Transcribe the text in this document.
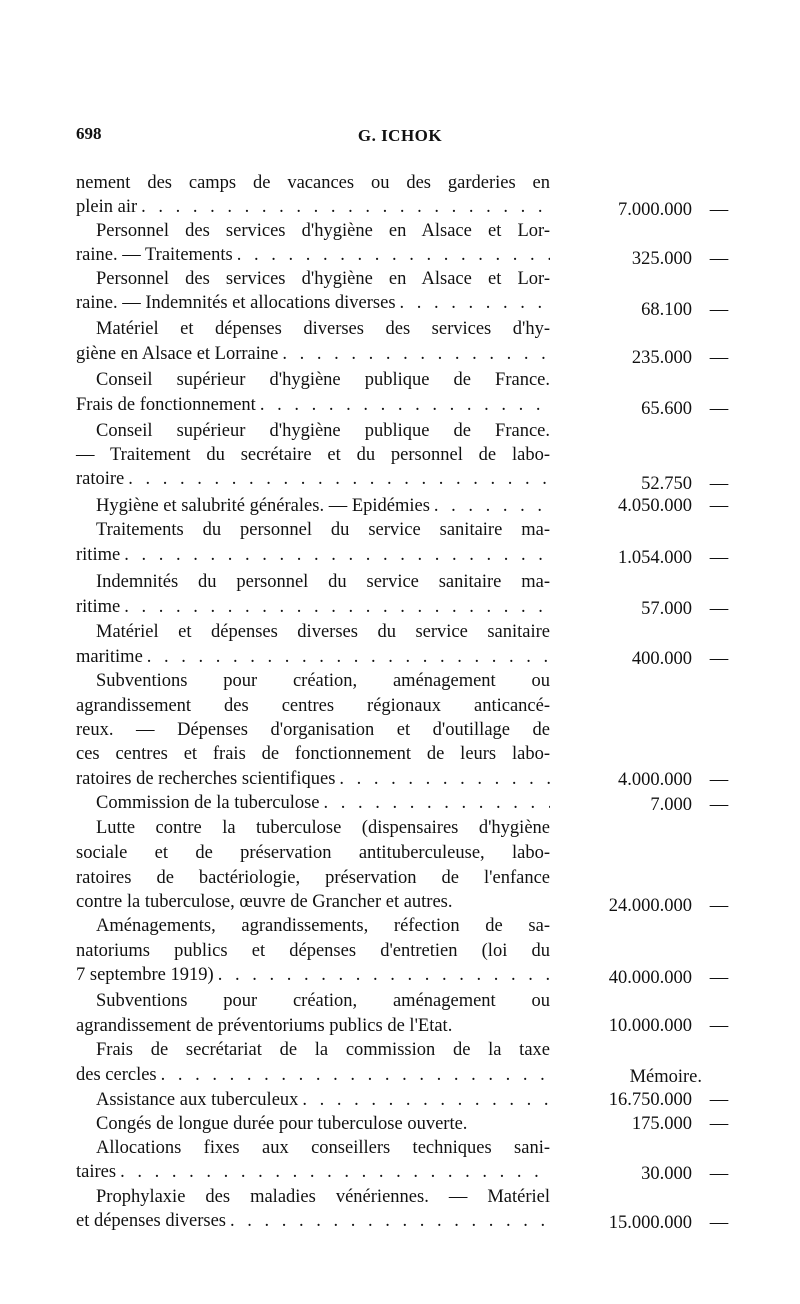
698	G. ICHOK
nement des camps de vacances ou des garderies en
plein air . . .	7.000.000 —
Personnel des services d'hygiène en Alsace et Lor-
raine. — Traitements . . .	325.000 —
Personnel des services d'hygiène en Alsace et Lor-
raine. — Indemnités et allocations diverses . . .	68.100 —
Matériel et dépenses diverses des services d'hy-
giène en Alsace et Lorraine . . .	235.000 —
Conseil supérieur d'hygiène publique de France.
Frais de fonctionnement . . .	65.600 —
Conseil supérieur d'hygiène publique de France.
— Traitement du secrétaire et du personnel de labo-
ratoire . . .	52.750 —
Hygiène et salubrité générales. — Epidémies . . .	4.050.000 —
Traitements du personnel du service sanitaire ma-
ritime . . .	1.054.000 —
Indemnités du personnel du service sanitaire ma-
ritime . . .	57.000 —
Matériel et dépenses diverses du service sanitaire
maritime . . .	400.000 —
Subventions pour création, aménagement ou
agrandissement des centres régionaux anticancé-
reux. — Dépenses d'organisation et d'outillage de
ces centres et frais de fonctionnement de leurs labo-
ratoires de recherches scientifiques . . .	4.000.000 —
Commission de la tuberculose . . .	7.000 —
Lutte contre la tuberculose (dispensaires d'hygiène
sociale et de préservation antituberculeuse, labo-
ratoires de bactériologie, préservation de l'enfance
contre la tuberculose, œuvre de Grancher et autres.	24.000.000 —
Aménagements, agrandissements, réfection de sa-
natoriums publics et dépenses d'entretien (loi du
7 septembre 1919) . . .	40.000.000 —
Subventions pour création, aménagement ou
agrandissement de préventoriums publics de l'Etat.	10.000.000 —
Frais de secrétariat de la commission de la taxe
des cercles . . .	Mémoire.
Assistance aux tuberculeux . . .	16.750.000 —
Congés de longue durée pour tuberculose ouverte.	175.000 —
Allocations fixes aux conseillers techniques sani-
taires . . .	30.000 —
Prophylaxie des maladies vénériennes. — Matériel
et dépenses diverses . . .	15.000.000 —
